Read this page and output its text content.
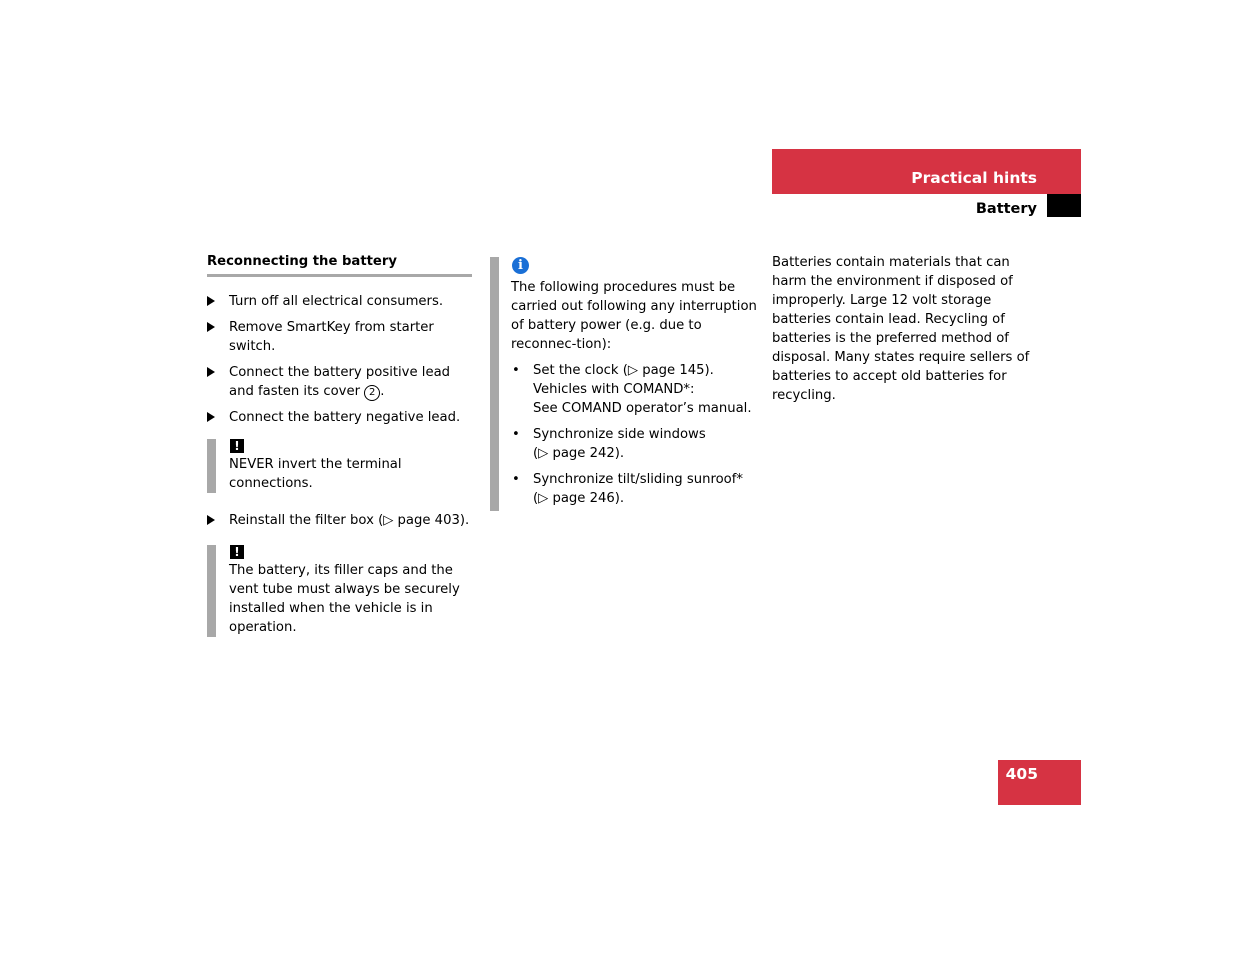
Practical hints
Battery
Reconnecting the battery
Turn off all electrical consumers.
Remove SmartKey from starter switch.
Connect the battery positive lead and fasten its cover 2 .
Connect the battery negative lead.
!
NEVER invert the terminal connections.
Reinstall the filter box (▷ page 403).
!
The battery, its filler caps and the vent tube must always be securely installed when the vehicle is in operation.
i

The following procedures must be carried out following any interruption of battery power (e.g. due to reconnec-tion):

• Set the clock (▷ page 145).
Vehicles with COMAND*:
See COMAND operator’s manual.
• Synchronize side windows
(▷ page 242).
• Synchronize tilt/sliding sunroof*
(▷ page 246).

Batteries contain materials that can harm the environment if disposed of improperly. Large 12 volt storage batteries contain lead. Recycling of batteries is the preferred method of disposal. Many states require sellers of batteries to accept old batteries for recycling.

405
